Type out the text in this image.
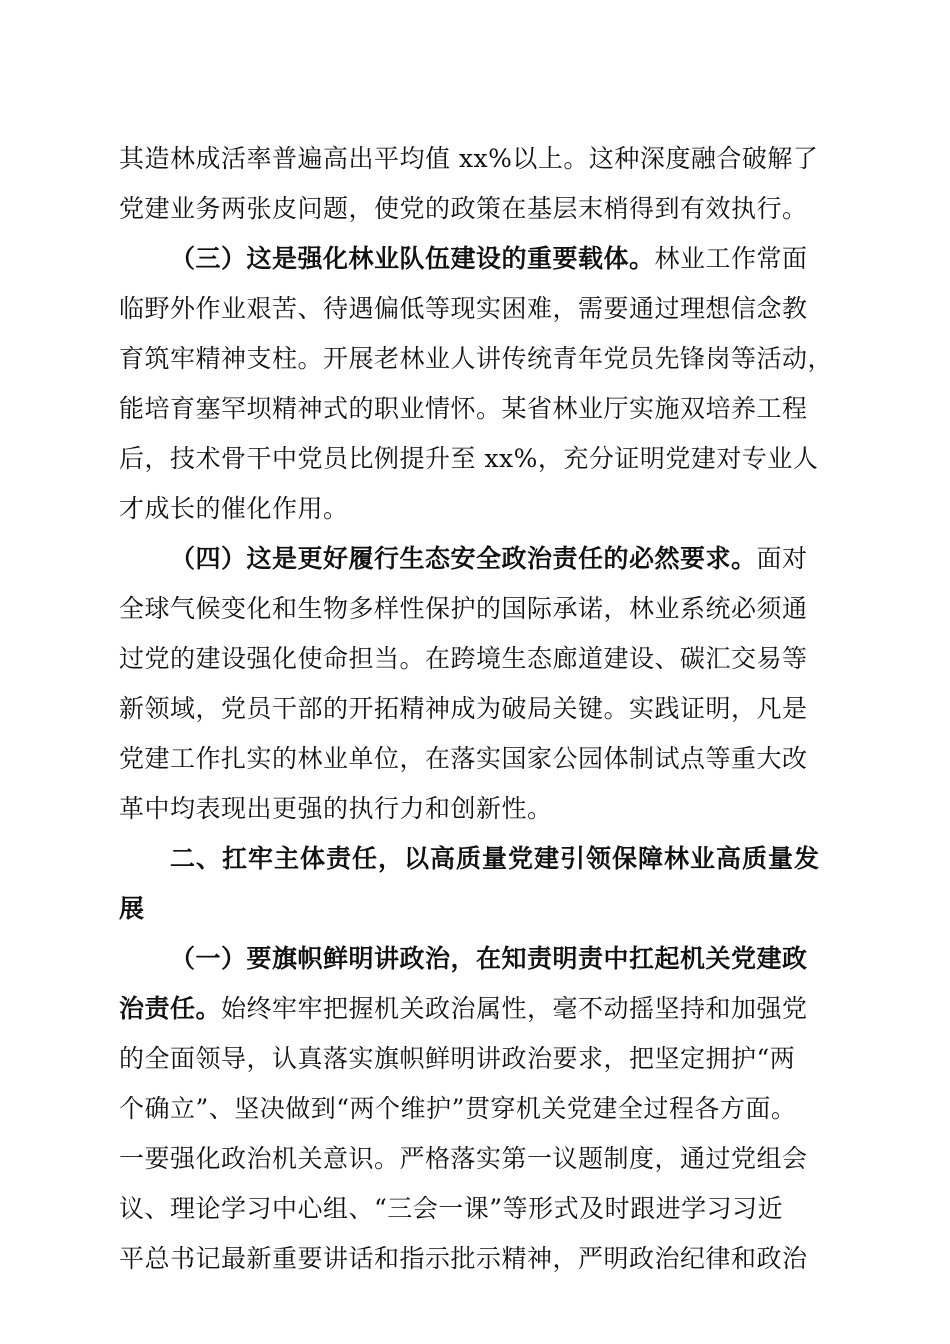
其造林成活率普遍高出平均值 xx%以上。这种深度融合破解了
党建业务两张皮问题，使党的政策在基层末梢得到有效执行。
（三）这是强化林业队伍建设的重要载体。林业工作常面
临野外作业艰苦、待遇偏低等现实困难，需要通过理想信念教
育筑牢精神支柱。开展老林业人讲传统青年党员先锋岗等活动，
能培育塞罕坝精神式的职业情怀。某省林业厅实施双培养工程
后，技术骨干中党员比例提升至 xx%，充分证明党建对专业人
才成长的催化作用。
（四）这是更好履行生态安全政治责任的必然要求。面对
全球气候变化和生物多样性保护的国际承诺，林业系统必须通
过党的建设强化使命担当。在跨境生态廊道建设、碳汇交易等
新领域，党员干部的开拓精神成为破局关键。实践证明，凡是
党建工作扎实的林业单位，在落实国家公园体制试点等重大改
革中均表现出更强的执行力和创新性。
二、扛牢主体责任，以高质量党建引领保障林业高质量发
展
（一）要旗帜鲜明讲政治，在知责明责中扛起机关党建政
治责任。始终牢牢把握机关政治属性，毫不动摇坚持和加强党
的全面领导，认真落实旗帜鲜明讲政治要求，把坚定拥护“两
个确立”、坚决做到“两个维护”贯穿机关党建全过程各方面。
一要强化政治机关意识。严格落实第一议题制度，通过党组会
议、理论学习中心组、“三会一课”等形式及时跟进学习习近
平总书记最新重要讲话和指示批示精神，严明政治纪律和政治
